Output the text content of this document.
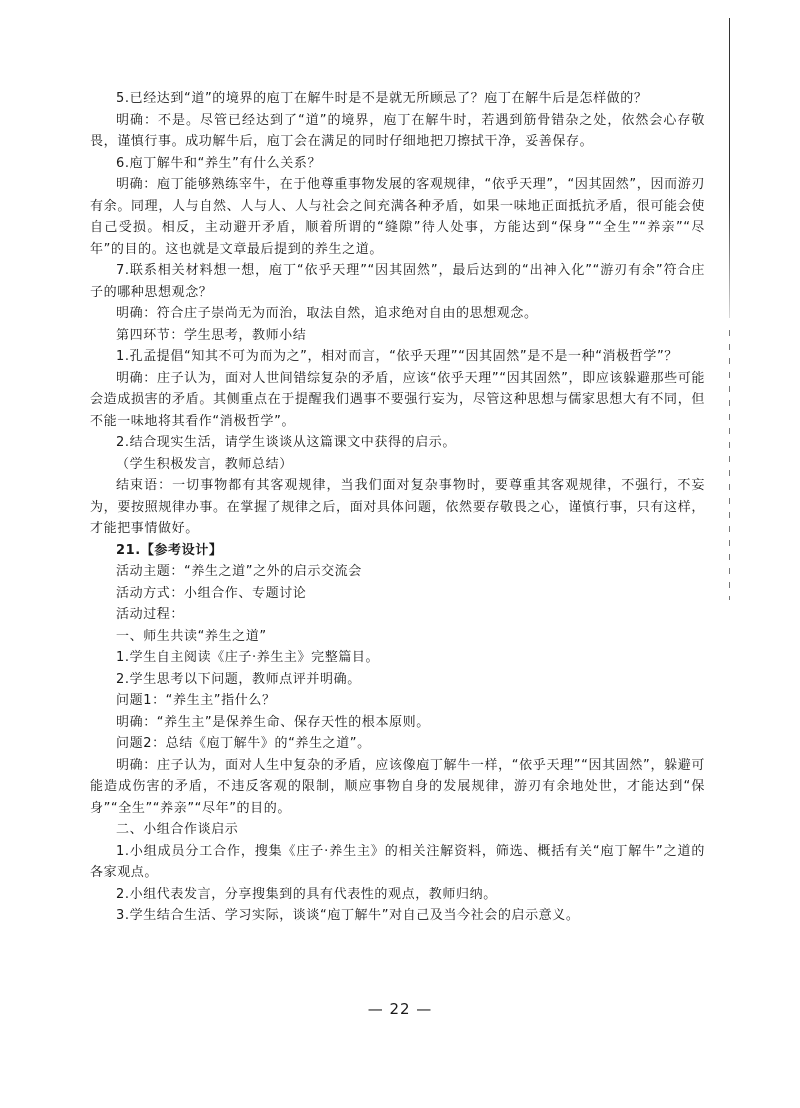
5.已经达到“道”的境界的庖丁在解牛时是不是就无所顾忌了？庖丁在解牛后是怎样做的？

明确：不是。尽管已经达到了“道”的境界，庖丁在解牛时，若遇到筋骨错杂之处，依然会心存敬畏，谨慎行事。成功解牛后，庖丁会在满足的同时仔细地把刀擦拭干净，妥善保存。

6.庖丁解牛和“养生”有什么关系？

明确：庖丁能够熟练宰牛，在于他尊重事物发展的客观规律，“依乎天理”，“因其固然”，因而游刃有余。同理，人与自然、人与人、人与社会之间充满各种矛盾，如果一味地正面抵抗矛盾，很可能会使自己受损。相反，主动避开矛盾，顺着所谓的“缝隙”待人处事，方能达到“保身”“全生”“养亲”“尽年”的目的。这也就是文章最后提到的养生之道。

7.联系相关材料想一想，庖丁“依乎天理”“因其固然”，最后达到的“出神入化”“游刃有余”符合庄子的哪种思想观念？

明确：符合庄子崇尚无为而治，取法自然，追求绝对自由的思想观念。

第四环节：学生思考，教师小结

1.孔孟提倡“知其不可为而为之”，相对而言，“依乎天理”“因其固然”是不是一种“消极哲学”？

明确：庄子认为，面对人世间错综复杂的矛盾，应该“依乎天理”“因其固然”，即应该躲避那些可能会造成损害的矛盾。其侧重点在于提醒我们遇事不要强行妄为，尽管这种思想与儒家思想大有不同，但不能一味地将其看作“消极哲学”。

2.结合现实生活，请学生谈谈从这篇课文中获得的启示。

（学生积极发言，教师总结）

结束语：一切事物都有其客观规律，当我们面对复杂事物时，要尊重其客观规律，不强行，不妄为，要按照规律办事。在掌握了规律之后，面对具体问题，依然要存敬畏之心，谨慎行事，只有这样，才能把事情做好。

21.【参考设计】

活动主题：“养生之道”之外的启示交流会

活动方式：小组合作、专题讨论

活动过程：

一、师生共读“养生之道”

1.学生自主阅读《庄子·养生主》完整篇目。

2.学生思考以下问题，教师点评并明确。

问题1：“养生主”指什么？

明确：“养生主”是保养生命、保存天性的根本原则。

问题2：总结《庖丁解牛》的“养生之道”。

明确：庄子认为，面对人生中复杂的矛盾，应该像庖丁解牛一样，“依乎天理”“因其固然”，躲避可能造成伤害的矛盾，不违反客观的限制，顺应事物自身的发展规律，游刃有余地处世，才能达到“保身”“全生”“养亲”“尽年”的目的。

二、小组合作谈启示

1.小组成员分工合作，搜集《庄子·养生主》的相关注解资料，筛选、概括有关“庖丁解牛”之道的各家观点。

2.小组代表发言，分享搜集到的具有代表性的观点，教师归纳。

3.学生结合生活、学习实际，谈谈“庖丁解牛”对自己及当今社会的启示意义。

— 22 —
